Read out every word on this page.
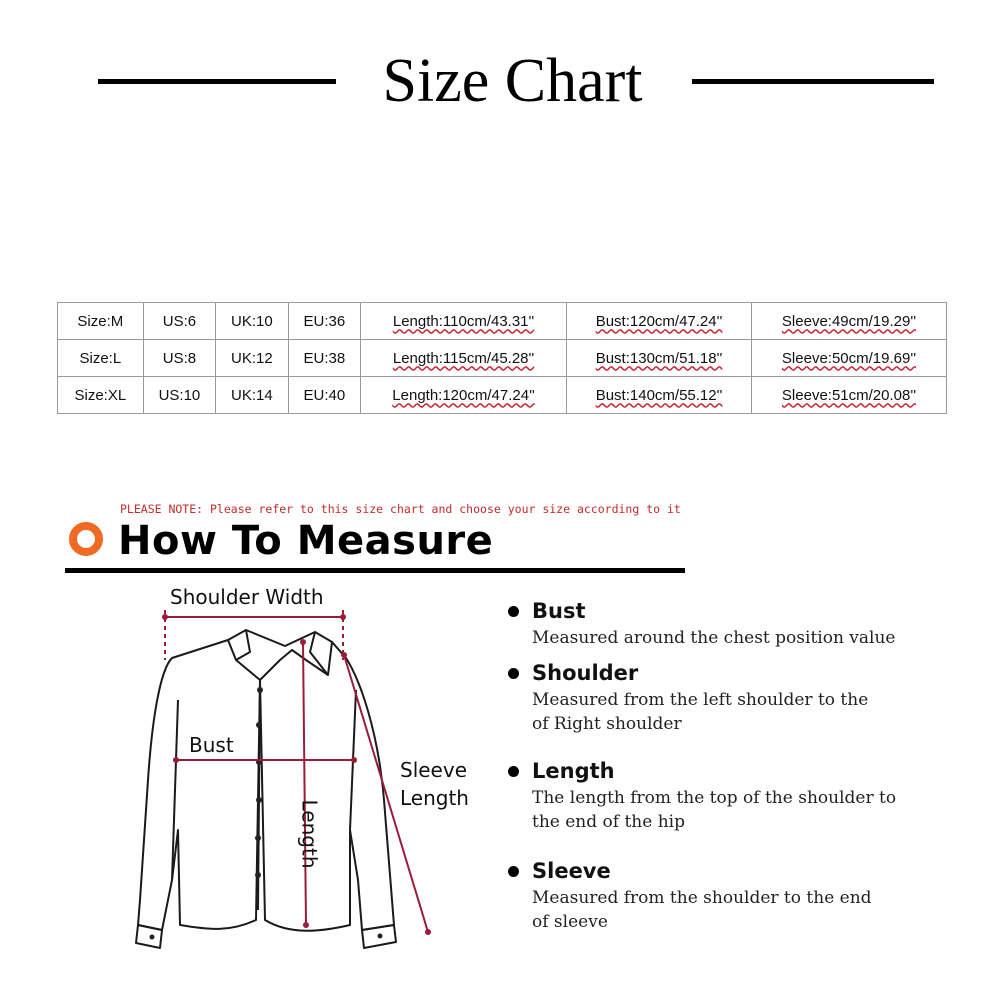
Size Chart
Size:M	US:6	UK:10	EU:36	Length:110cm/43.31''	Bust:120cm/47.24''	Sleeve:49cm/19.29''
Size:L	US:8	UK:12	EU:38	Length:115cm/45.28''	Bust:130cm/51.18''	Sleeve:50cm/19.69''
Size:XL	US:10	UK:14	EU:40	Length:120cm/47.24''	Bust:140cm/55.12''	Sleeve:51cm/20.08''
PLEASE NOTE: Please refer to this size chart and choose your size according to it
How To Measure
Shoulder Width
Bust
Sleeve
Length
Length
Bust
Measured around the chest position value
Shoulder
Measured from the left shoulder to the
of Right shoulder
Length
The length from the top of the shoulder to
the end of the hip
Sleeve
Measured from the shoulder to the end
of sleeve
